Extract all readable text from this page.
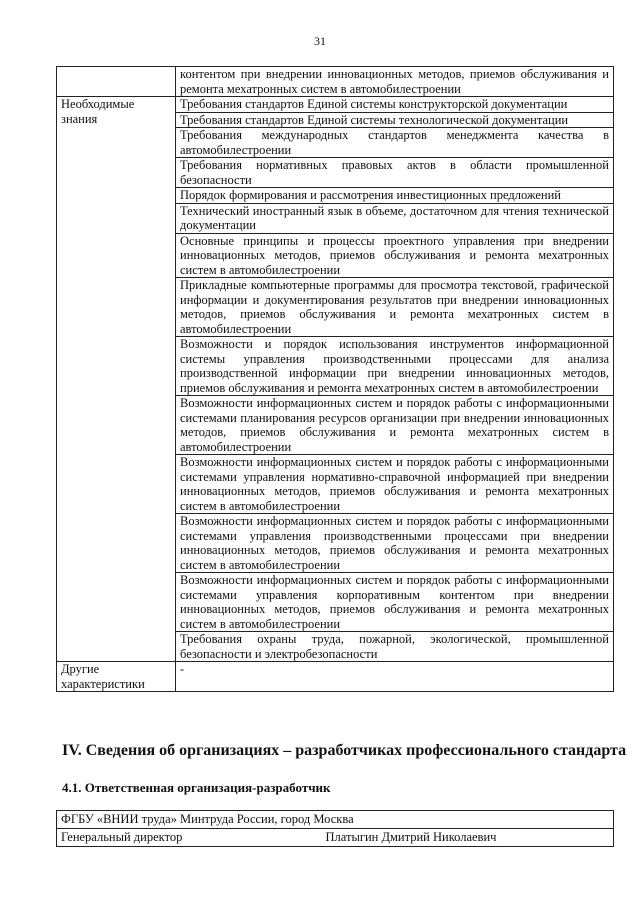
31
	контентом при внедрении инновационных методов, приемов обслуживания и ремонта мехатронных систем в автомобилестроении
Необходимые знания	Требования стандартов Единой системы конструкторской документации
	Требования стандартов Единой системы технологической документации
	Требования международных стандартов менеджмента качества в автомобилестроении
	Требования нормативных правовых актов в области промышленной безопасности
	Порядок формирования и рассмотрения инвестиционных предложений
	Технический иностранный язык в объеме, достаточном для чтения технической документации
	Основные принципы и процессы проектного управления при внедрении инновационных методов, приемов обслуживания и ремонта мехатронных систем в автомобилестроении
	Прикладные компьютерные программы для просмотра текстовой, графической информации и документирования результатов при внедрении инновационных методов, приемов обслуживания и ремонта мехатронных систем в автомобилестроении
	Возможности и порядок использования инструментов информационной системы управления производственными процессами для анализа производственной информации при внедрении инновационных методов, приемов обслуживания и ремонта мехатронных систем в автомобилестроении
	Возможности информационных систем и порядок работы с информационными системами планирования ресурсов организации при внедрении инновационных методов, приемов обслуживания и ремонта мехатронных систем в автомобилестроении
	Возможности информационных систем и порядок работы с информационными системами управления нормативно-справочной информацией при внедрении инновационных методов, приемов обслуживания и ремонта мехатронных систем в автомобилестроении
	Возможности информационных систем и порядок работы с информационными системами управления производственными процессами при внедрении инновационных методов, приемов обслуживания и ремонта мехатронных систем в автомобилестроении
	Возможности информационных систем и порядок работы с информационными системами управления корпоративным контентом при внедрении инновационных методов, приемов обслуживания и ремонта мехатронных систем в автомобилестроении
	Требования охраны труда, пожарной, экологической, промышленной безопасности и электробезопасности
Другие характеристики	-
IV. Сведения об организациях – разработчиках профессионального стандарта
4.1. Ответственная организация-разработчик
ФГБУ «ВНИИ труда» Минтруда России, город Москва
Генеральный директор	Платыгин Дмитрий Николаевич
